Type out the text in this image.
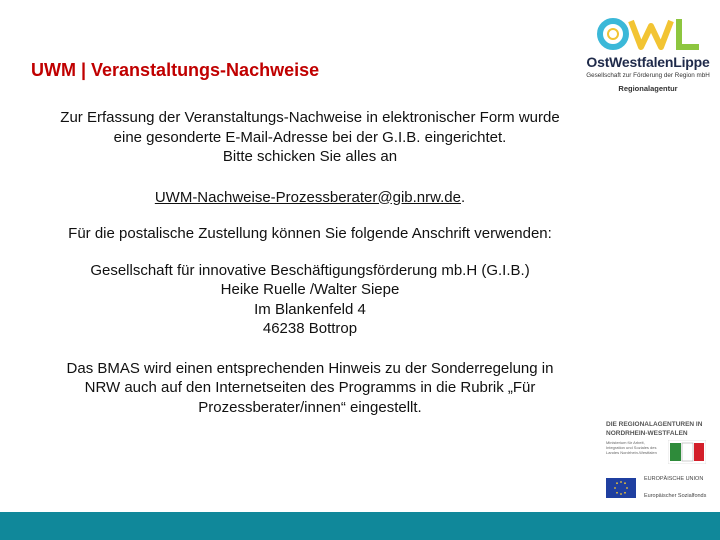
UWM | Veranstaltungs-Nachweise	OstWestfalenLippe
Gesellschaft zur Förderung der Region mbH
Regionalagentur

Zur Erfassung der Veranstaltungs-Nachweise in elektronischer Form wurde

eine gesonderte E-Mail-Adresse bei der G.I.B. eingerichtet.

Bitte schicken Sie alles an

UWM-Nachweise-Prozessberater@gib.nrw.de.

Für die postalische Zustellung können Sie folgende Anschrift verwenden:

Gesellschaft für innovative Beschäftigungsförderung mb.H (G.I.B.)

Heike Ruelle /Walter Siepe

Im Blankenfeld 4

46238 Bottrop

Das BMAS wird einen entsprechenden Hinweis zu der Sonderregelung in

NRW auch auf den Internetseiten des Programms in die Rubrik „Für

Prozessberater/innen“ eingestellt.

DIE REGIONALAGENTUREN IN NORDRHEIN-WESTFALEN
Ministerium für Arbeit, Integration und Soziales des Landes Nordrhein-Westfalen
EUROPÄISCHE UNION
Europäischer Sozialfonds
